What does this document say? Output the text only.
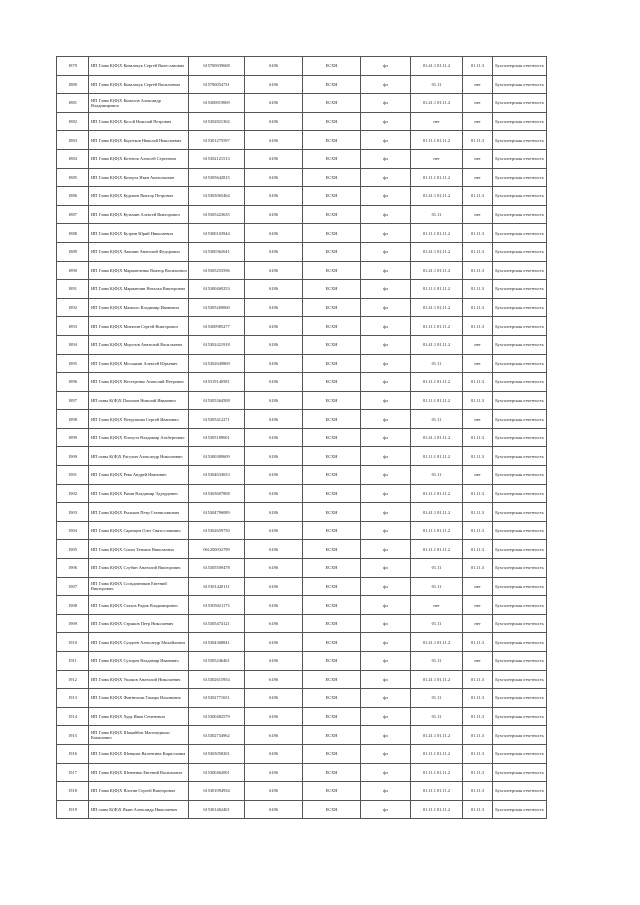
1879	ИП Глава К(Ф)Х Ковальчук Сергей Вячеславович	615700039608	6186	ЕСХН	фл	01.41.1 01.11.2	01.11.3	Бухгалтерская отчетность
1880	ИП Глава К(Ф)Х Ковальчук Сергей Васильевич	615700054731	6186	ЕСХН	фл	01.11	нет	Бухгалтерская отчетность
1881	ИП Глава К(Ф)Х Комолов Александр Владимирович	615300019069	6186	ЕСХН	фл	01.41.1 01.11.2	нет	Бухгалтерская отчетность
1882	ИП Глава К(Ф)Х Косой Николай Петрович	615302821302	6186	ЕСХН	фл	нет	нет	Бухгалтерская отчетность
1883	ИП Глава К(Ф)Х Коротков Николай Николаевич	615301275597	6186	ЕСХН	фл	01.11.1 01.11.2	01.11.3	Бухгалтерская отчетность
1884	ИП Глава К(Ф)Х Котенок Алексей Сергеевич	615302121513	6186	ЕСХН	фл	нет	нет	Бухгалтерская отчетность
1885	ИП Глава К(Ф)Х Кочерга Иван Анатольевич	615305642815	6186	ЕСХН	фл	01.11.1 01.11.2	нет	Бухгалтерская отчетность
1886	ИП Глава К(Ф)Х Кудинов Виктор Петрович	615303065464	6186	ЕСХН	фл	01.41.1 01.11.2	01.11.3	Бухгалтерская отчетность
1887	ИП Глава К(Ф)Х Кузьмин Алексей Викторович	615305423635	6186	ЕСХН	фл	01.11	нет	Бухгалтерская отчетность
1888	ИП Глава К(Ф)Х Кутрин Юрий Николаевич	615300103944	6186	ЕСХН	фл	01.11.1 01.11.2	01.11.3	Бухгалтерская отчетность
1889	ИП Глава К(Ф)Х Лавшин Анатолий Федорович	615300362641	6186	ЕСХН	фл	01.41.1 01.11.2	01.11.3	Бухгалтерская отчетность
1890	ИП Глава К(Ф)Х Марманченко Виктор Васильевич	615305255596	6186	ЕСХН	фл	01.41.1 01.11.2	01.11.3	Бухгалтерская отчетность
1891	ИП Глава К(Ф)Х Марманчин Наталья Викторовна	615300469253	6186	ЕСХН	фл	01.11.1 01.11.2	01.11.3	Бухгалтерская отчетность
1892	ИП Глава К(Ф)Х Мамыло Владимир Иванович	615305269060	6186	ЕСХН	фл	01.41.1 01.11.2	01.11.3	Бухгалтерская отчетность
1893	ИП Глава К(Ф)Х Митягин Сергей Викторович	615300985277	6186	ЕСХН	фл	01.11.1 01.11.2	01.11.3	Бухгалтерская отчетность
1894	ИП Глава К(Ф)Х Морозов Анатолий Васильевич	615302421918	6186	ЕСХН	фл	01.41.1 01.11.2	нет	Бухгалтерская отчетность
1895	ИП Глава К(Ф)Х Мосьякин Алексей Юрьевич	615302649869	6186	ЕСХН	фл	01.11	нет	Бухгалтерская отчетность
1896	ИП Глава К(Ф)Х Нестеренко Анатолий Петрович	615319140581	6186	ЕСХН	фл	01.11.1 01.11.2	01.11.3	Бухгалтерская отчетность
1897	ИП глава К(Ф)Х Пахомов Николай Иванович	615305364508	6186	ЕСХН	фл	01.11.1 01.11.2	01.11.3	Бухгалтерская отчетность
1898	ИП Глава К(Ф)Х Петрушина Сергей Иванович	615305412271	6186	ЕСХН	фл	01.11	нет	Бухгалтерская отчетность
1899	ИП Глава К(Ф)Х Плохута Владимир Альбертович	615305189601	6186	ЕСХН	фл	01.41.1 01.11.2	01.11.3	Бухгалтерская отчетность
1900	ИП глава К(Ф)Х Рагулин Александр Николаевич	615300389609	6186	ЕСХН	фл	01.11.1 01.11.2	01.11.3	Бухгалтерская отчетность
1901	ИП Глава К(Ф)Х Рева Андрей Иванович	615304633653	6186	ЕСХН	фл	01.11	нет	Бухгалтерская отчетность
1902	ИП Глава К(Ф)Х Рязин Владимир Эдуардович	615303607808	6186	ЕСХН	фл	01.11.1 01.11.2	01.11.3	Бухгалтерская отчетность
1903	ИП Глава К(Ф)Х Рыльков Петр Станиславович	615304796089	6186	ЕСХН	фл	01.41.1 01.11.2	01.11.3	Бухгалтерская отчетность
1904	ИП Глава К(Ф)Х Саранцев Олег Святославович	615302659750	6186	ЕСХН	фл	01.11.1 01.11.2	01.11.3	Бухгалтерская отчетность
1905	ИП Глава К(Ф)Х Сигаи Татьяна Николаевна	061200032799	6186	ЕСХН	фл	01.11.1 01.11.2	01.11.3	Бухгалтерская отчетность
1906	ИП Глава К(Ф)Х Слубин Анатолий Викторович	615305509478	6186	ЕСХН	фл	01.11	01.11.3	Бухгалтерская отчетность
1907	ИП Глава К(Ф)Х Сольдовников Евгений Викторович	615301420111	6186	ЕСХН	фл	01.11	нет	Бухгалтерская отчетность
1908	ИП Глава К(Ф)Х Стахов Радик Владимирович	615305021173	6186	ЕСХН	фл	нет	нет	Бухгалтерская отчетность
1909	ИП Глава К(Ф)Х Стрыков Петр Николаевич	615305474121	6186	ЕСХН	фл	01.11	нет	Бухгалтерская отчетность
1910	ИП Глава К(Ф)Х Сундеев Александр Михайлович	615304368841	6186	ЕСХН	фл	01.41.1 01.11.2	01.11.3	Бухгалтерская отчетность
1911	ИП Глава К(Ф)Х Сухоров Владимир Иванович	615305246461	6186	ЕСХН	фл	01.11	нет	Бухгалтерская отчетность
1912	ИП Глава К(Ф)Х Ушаков Анатолий Николаевич	615302615954	6186	ЕСХН	фл	01.41.1 01.11.2	01.11.3	Бухгалтерская отчетность
1913	ИП Глава К(Ф)Х Фантюхова Тамара Ильиновна	615302771651	6186	ЕСХН	фл	01.11	01.11.3	Бухгалтерская отчетность
1914	ИП Глава К(Ф)Х Худя Иван Семенович	615300482579	6186	ЕСХН	фл	01.11	01.11.3	Бухгалтерская отчетность
1915	ИП Глава К(Ф)Х Шамайбов Магомедвали Камалович	615302734962	6186	ЕСХН	фл	01.41.1 01.11.2	01.11.3	Бухгалтерская отчетность
1916	ИП Глава К(Ф)Х Шевцова Валентина Кирилловна	615303058201	6186	ЕСХН	фл	01.11.1 01.11.2	01.11.3	Бухгалтерская отчетность
1917	ИП Глава К(Ф)Х Шевченко Евгений Васильевич	615300462001	6186	ЕСХН	фл	01.11.1 01.11.2	01.11.3	Бухгалтерская отчетность
1918	ИП Глава К(Ф)Х Ялотин Сергей Викторович	615301094934	6186	ЕСХН	фл	01.11.1 01.11.2	01.11.3	Бухгалтерская отчетность
1919	ИП глава К(Ф)Х Якин Александр Николаевич	615301462401	6186	ЕСХН	фл	01.11.1 01.11.2	01.11.3	Бухгалтерская отчетность
